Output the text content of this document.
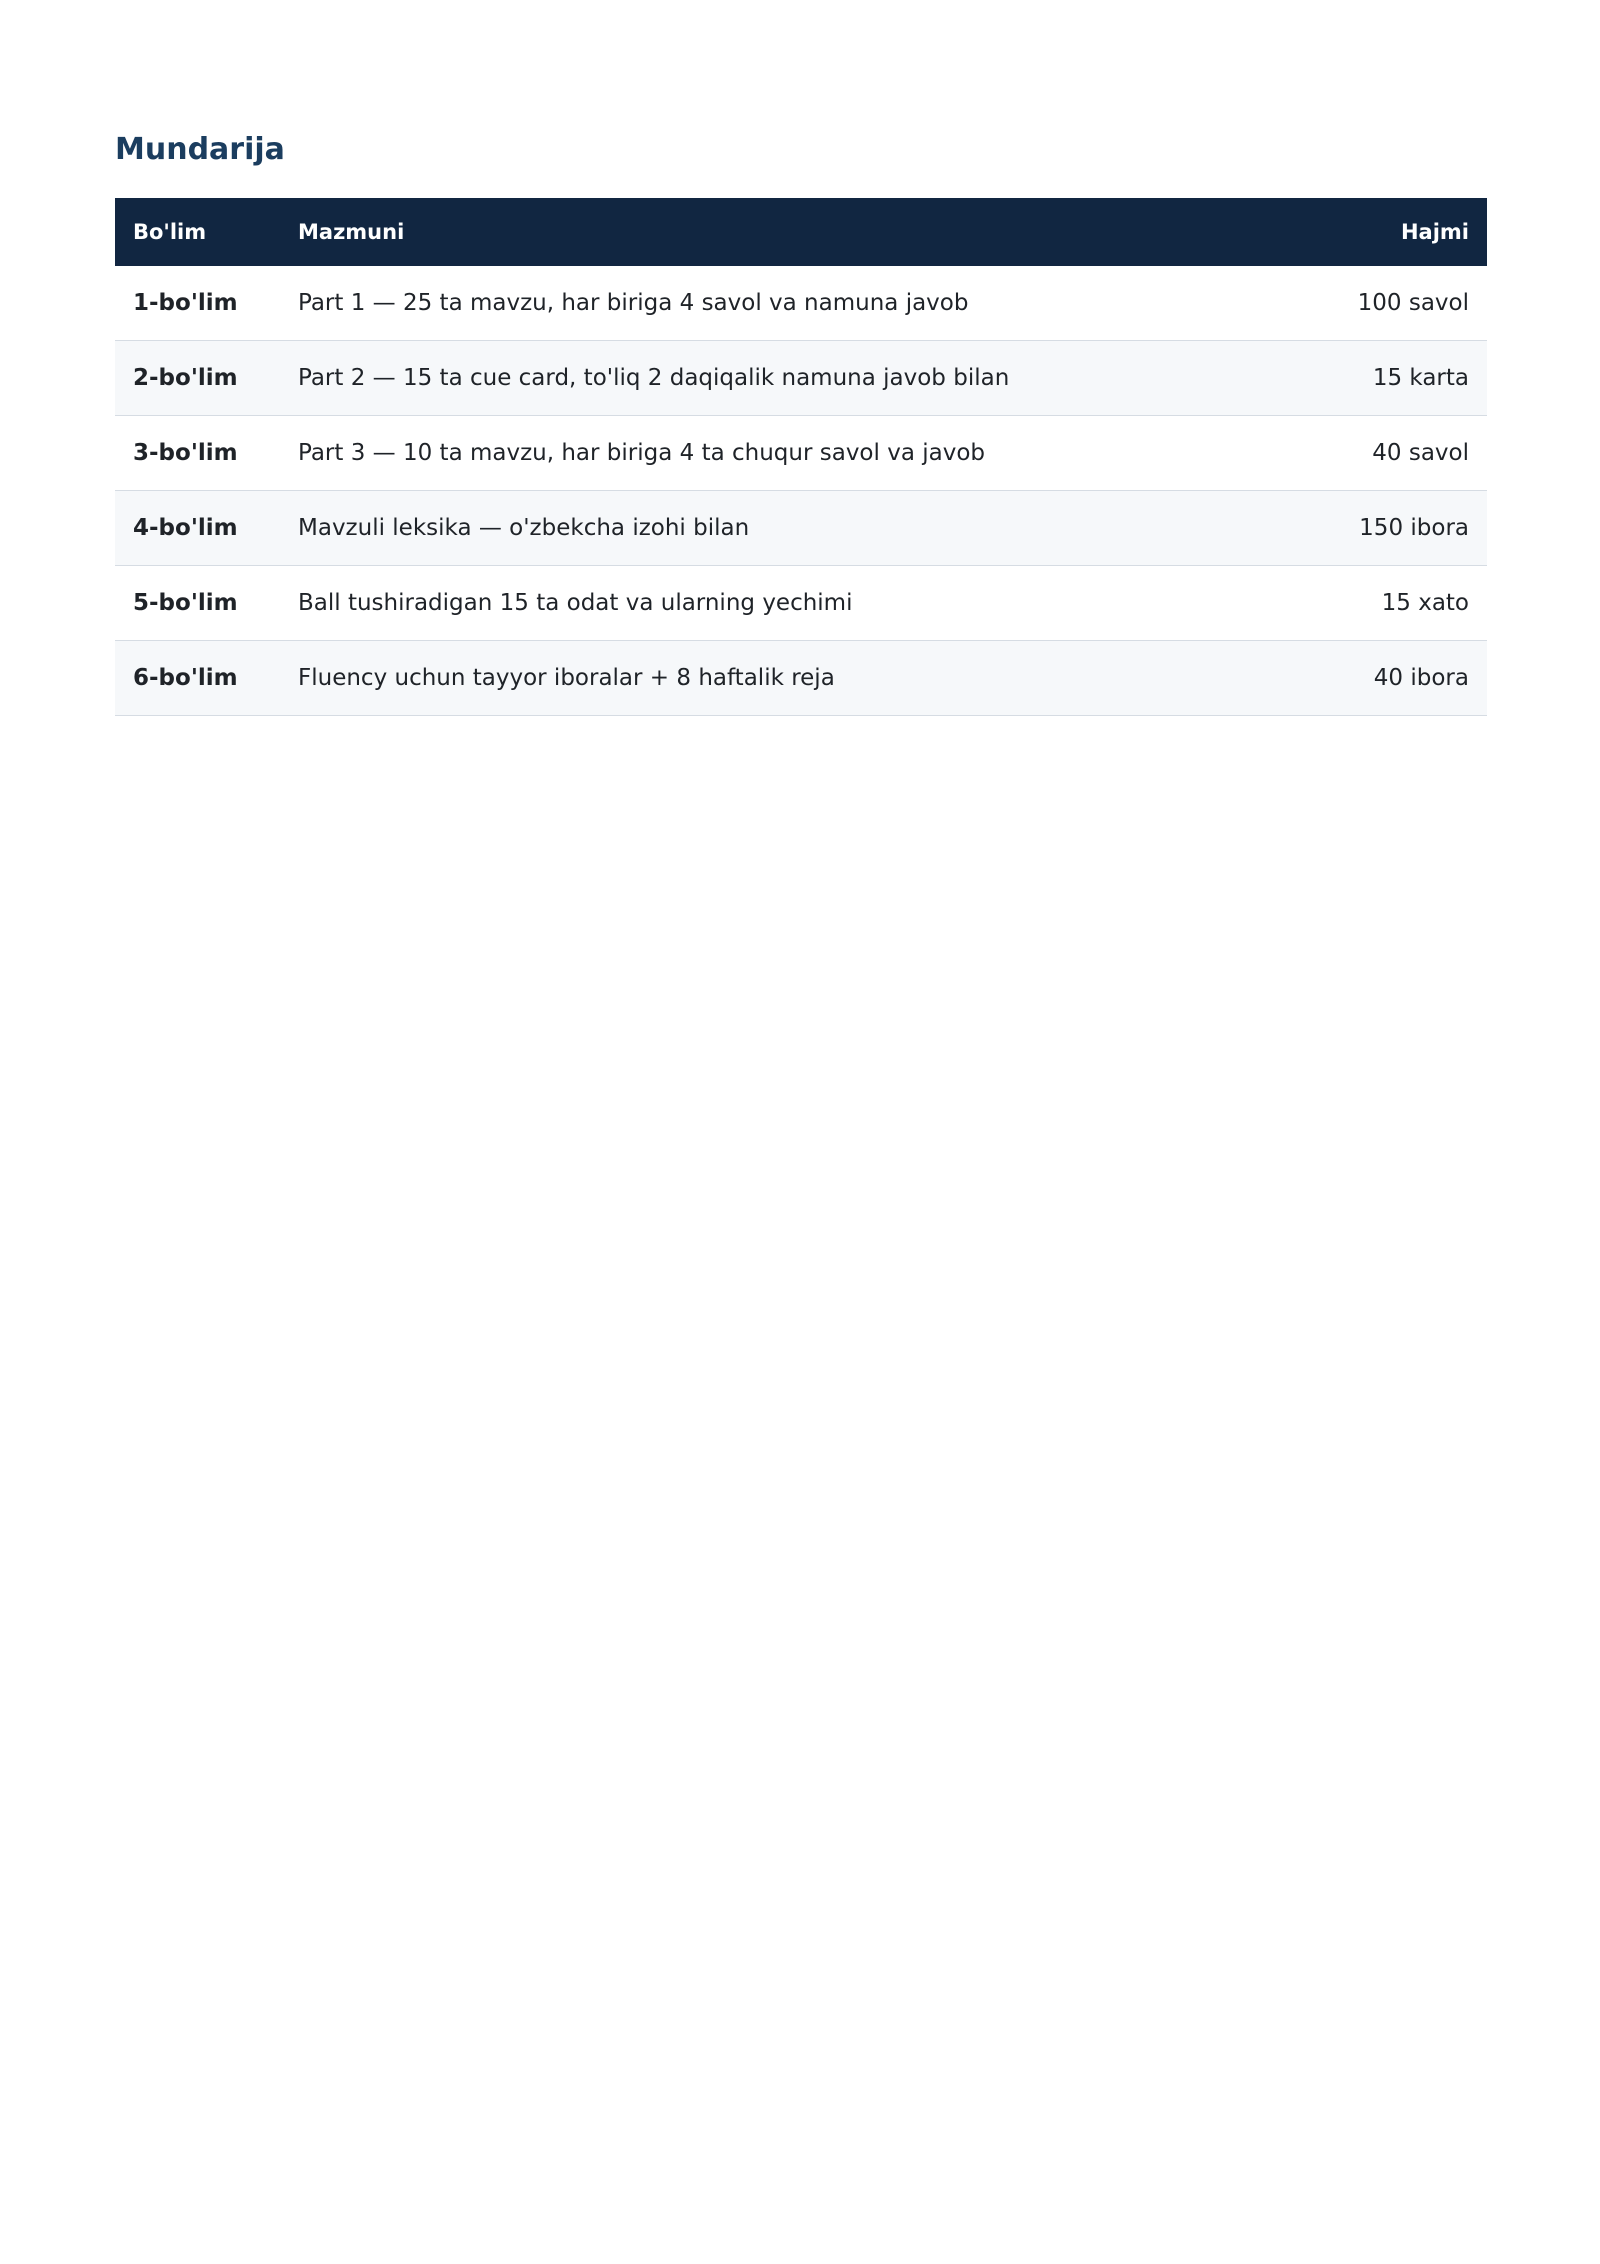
Mundarija
Bo'lim	Mazmuni	Hajmi
1-bo'lim	Part 1 — 25 ta mavzu, har biriga 4 savol va namuna javob	100 savol
2-bo'lim	Part 2 — 15 ta cue card, to'liq 2 daqiqalik namuna javob bilan	15 karta
3-bo'lim	Part 3 — 10 ta mavzu, har biriga 4 ta chuqur savol va javob	40 savol
4-bo'lim	Mavzuli leksika — o'zbekcha izohi bilan	150 ibora
5-bo'lim	Ball tushiradigan 15 ta odat va ularning yechimi	15 xato
6-bo'lim	Fluency uchun tayyor iboralar + 8 haftalik reja	40 ibora
